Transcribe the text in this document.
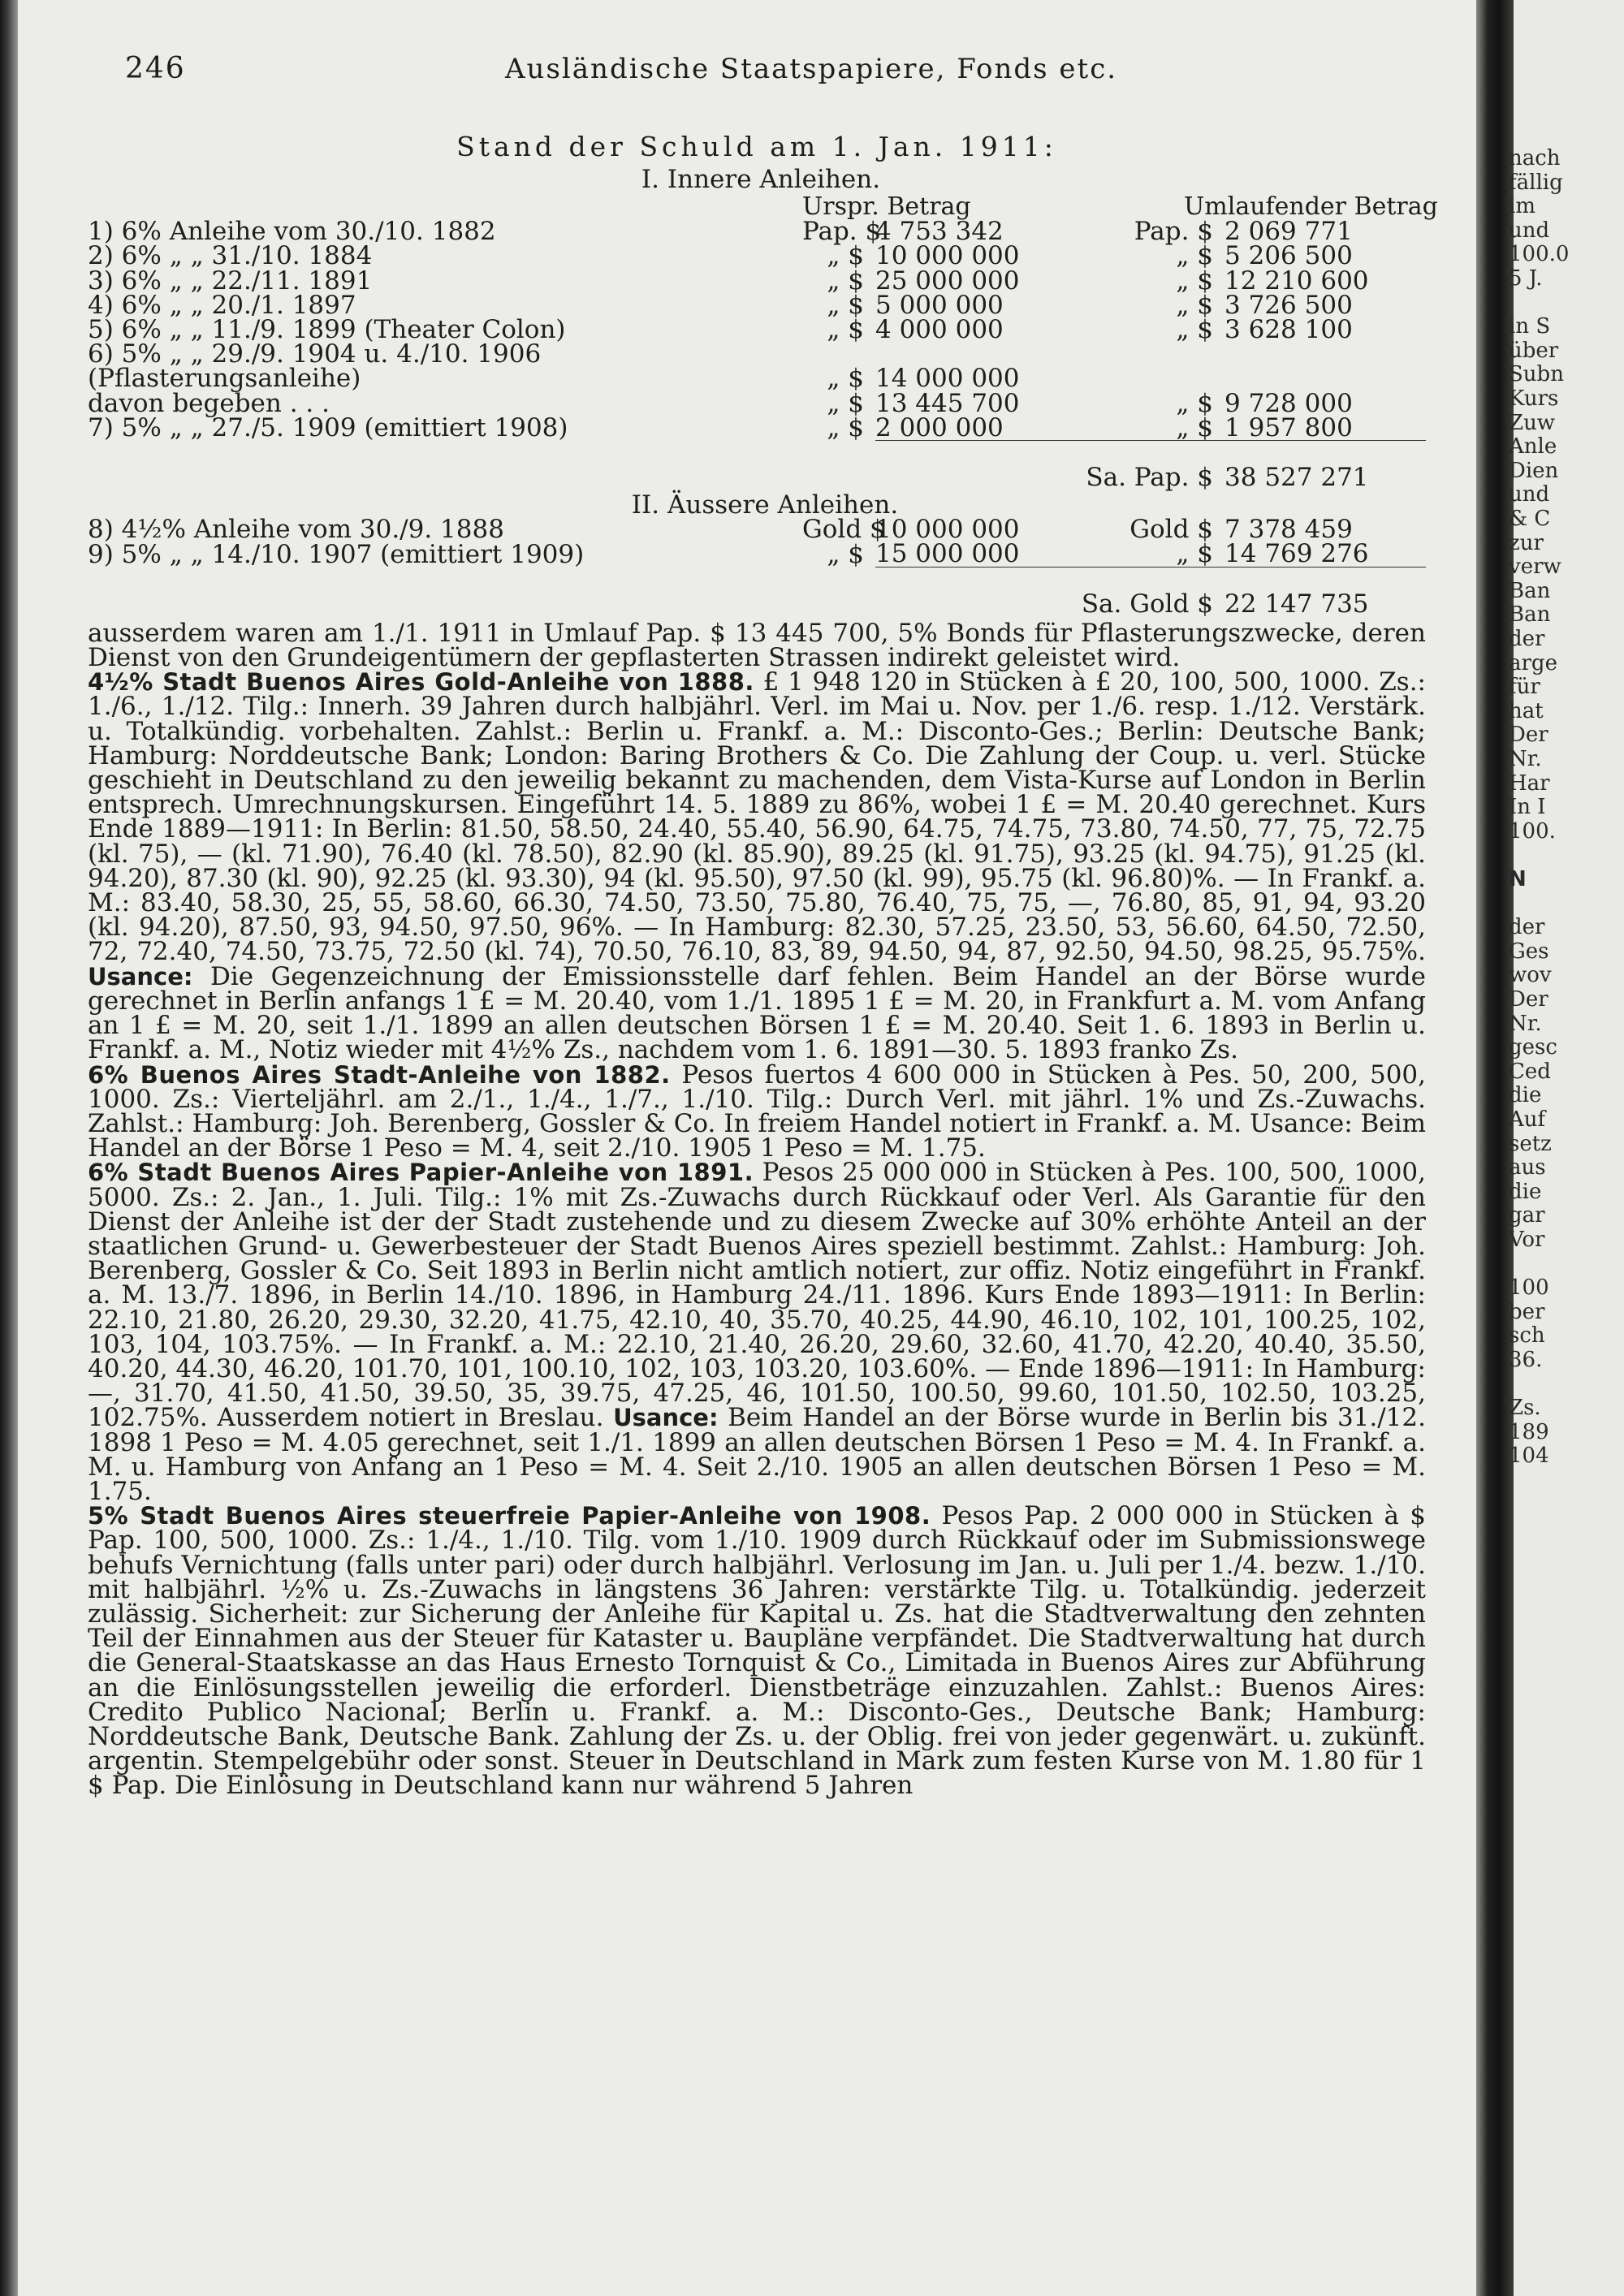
246	Ausländische Staatspapiere, Fonds etc.
Stand der Schuld am 1. Jan. 1911:
I. Innere Anleihen.
	Urspr. Betrag		Umlaufender Betrag	
1) 6% Anleihe vom 30./10. 1882	Pap. $	4 753 342	Pap. $	2 069 771
2) 6% „ „ 31./10. 1884	„ $	10 000 000	„ $	5 206 500
3) 6% „ „ 22./11. 1891	„ $	25 000 000	„ $	12 210 600
4) 6% „ „ 20./1. 1897	„ $	5 000 000	„ $	3 726 500
5) 6% „ „ 11./9. 1899 (Theater Colon)	„ $	4 000 000	„ $	3 628 100
6) 5% „ „ 29./9. 1904 u. 4./10. 1906				
(Pflasterungsanleihe)	„ $	14 000 000		
davon begeben . . .	„ $	13 445 700	„ $	9 728 000
7) 5% „ „ 27./5. 1909 (emittiert 1908)	„ $	2 000 000	„ $	1 957 800

	Sa. Pap. $			38 527 271
II. Äussere Anleihen.				
8) 4½% Anleihe vom 30./9. 1888	Gold $	10 000 000	Gold $	7 378 459
9) 5% „ „ 14./10. 1907 (emittiert 1909)	„ $	15 000 000	„ $	14 769 276

	Sa. Gold $			22 147 735

ausserdem waren am 1./1. 1911 in Umlauf Pap. $ 13 445 700, 5% Bonds für Pflasterungszwecke, deren Dienst von den Grundeigentümern der gepflasterten Strassen indirekt geleistet wird.

4½% Stadt Buenos Aires Gold-Anleihe von 1888. £ 1 948 120 in Stücken à £ 20, 100, 500, 1000. Zs.: 1./6., 1./12. Tilg.: Innerh. 39 Jahren durch halbjährl. Verl. im Mai u. Nov. per 1./6. resp. 1./12. Verstärk. u. Totalkündig. vorbehalten. Zahlst.: Berlin u. Frankf. a. M.: Disconto-Ges.; Berlin: Deutsche Bank; Hamburg: Norddeutsche Bank; London: Baring Brothers & Co. Die Zahlung der Coup. u. verl. Stücke geschieht in Deutschland zu den jeweilig bekannt zu machenden, dem Vista-Kurse auf London in Berlin entsprech. Umrechnungskursen. Eingeführt 14. 5. 1889 zu 86%, wobei 1 £ = M. 20.40 gerechnet. Kurs Ende 1889—1911: In Berlin: 81.50, 58.50, 24.40, 55.40, 56.90, 64.75, 74.75, 73.80, 74.50, 77, 75, 72.75 (kl. 75), — (kl. 71.90), 76.40 (kl. 78.50), 82.90 (kl. 85.90), 89.25 (kl. 91.75), 93.25 (kl. 94.75), 91.25 (kl. 94.20), 87.30 (kl. 90), 92.25 (kl. 93.30), 94 (kl. 95.50), 97.50 (kl. 99), 95.75 (kl. 96.80)%. — In Frankf. a. M.: 83.40, 58.30, 25, 55, 58.60, 66.30, 74.50, 73.50, 75.80, 76.40, 75, 75, —, 76.80, 85, 91, 94, 93.20 (kl. 94.20), 87.50, 93, 94.50, 97.50, 96%. — In Hamburg: 82.30, 57.25, 23.50, 53, 56.60, 64.50, 72.50, 72, 72.40, 74.50, 73.75, 72.50 (kl. 74), 70.50, 76.10, 83, 89, 94.50, 94, 87, 92.50, 94.50, 98.25, 95.75%. Usance: Die Gegenzeichnung der Emissionsstelle darf fehlen. Beim Handel an der Börse wurde gerechnet in Berlin anfangs 1 £ = M. 20.40, vom 1./1. 1895 1 £ = M. 20, in Frankfurt a. M. vom Anfang an 1 £ = M. 20, seit 1./1. 1899 an allen deutschen Börsen 1 £ = M. 20.40. Seit 1. 6. 1893 in Berlin u. Frankf. a. M., Notiz wieder mit 4½% Zs., nachdem vom 1. 6. 1891—30. 5. 1893 franko Zs.

6% Buenos Aires Stadt-Anleihe von 1882. Pesos fuertos 4 600 000 in Stücken à Pes. 50, 200, 500, 1000. Zs.: Vierteljährl. am 2./1., 1./4., 1./7., 1./10. Tilg.: Durch Verl. mit jährl. 1% und Zs.-Zuwachs. Zahlst.: Hamburg: Joh. Berenberg, Gossler & Co. In freiem Handel notiert in Frankf. a. M. Usance: Beim Handel an der Börse 1 Peso = M. 4, seit 2./10. 1905 1 Peso = M. 1.75.

6% Stadt Buenos Aires Papier-Anleihe von 1891. Pesos 25 000 000 in Stücken à Pes. 100, 500, 1000, 5000. Zs.: 2. Jan., 1. Juli. Tilg.: 1% mit Zs.-Zuwachs durch Rückkauf oder Verl. Als Garantie für den Dienst der Anleihe ist der der Stadt zustehende und zu diesem Zwecke auf 30% erhöhte Anteil an der staatlichen Grund- u. Gewerbesteuer der Stadt Buenos Aires speziell bestimmt. Zahlst.: Hamburg: Joh. Berenberg, Gossler & Co. Seit 1893 in Berlin nicht amtlich notiert, zur offiz. Notiz eingeführt in Frankf. a. M. 13./7. 1896, in Berlin 14./10. 1896, in Hamburg 24./11. 1896. Kurs Ende 1893—1911: In Berlin: 22.10, 21.80, 26.20, 29.30, 32.20, 41.75, 42.10, 40, 35.70, 40.25, 44.90, 46.10, 102, 101, 100.25, 102, 103, 104, 103.75%. — In Frankf. a. M.: 22.10, 21.40, 26.20, 29.60, 32.60, 41.70, 42.20, 40.40, 35.50, 40.20, 44.30, 46.20, 101.70, 101, 100.10, 102, 103, 103.20, 103.60%. — Ende 1896—1911: In Hamburg: —, 31.70, 41.50, 41.50, 39.50, 35, 39.75, 47.25, 46, 101.50, 100.50, 99.60, 101.50, 102.50, 103.25, 102.75%. Ausserdem notiert in Breslau. Usance: Beim Handel an der Börse wurde in Berlin bis 31./12. 1898 1 Peso = M. 4.05 gerechnet, seit 1./1. 1899 an allen deutschen Börsen 1 Peso = M. 4. In Frankf. a. M. u. Hamburg von Anfang an 1 Peso = M. 4. Seit 2./10. 1905 an allen deutschen Börsen 1 Peso = M. 1.75.

5% Stadt Buenos Aires steuerfreie Papier-Anleihe von 1908. Pesos Pap. 2 000 000 in Stücken à $ Pap. 100, 500, 1000. Zs.: 1./4., 1./10. Tilg. vom 1./10. 1909 durch Rückkauf oder im Submissionswege behufs Vernichtung (falls unter pari) oder durch halbjährl. Verlosung im Jan. u. Juli per 1./4. bezw. 1./10. mit halbjährl. ½% u. Zs.-Zuwachs in längstens 36 Jahren: verstärkte Tilg. u. Totalkündig. jederzeit zulässig. Sicherheit: zur Sicherung der Anleihe für Kapital u. Zs. hat die Stadtverwaltung den zehnten Teil der Einnahmen aus der Steuer für Kataster u. Baupläne verpfändet. Die Stadtverwaltung hat durch die General-Staatskasse an das Haus Ernesto Tornquist & Co., Limitada in Buenos Aires zur Abführung an die Einlösungsstellen jeweilig die erforderl. Dienstbeträge einzuzahlen. Zahlst.: Buenos Aires: Credito Publico Nacional; Berlin u. Frankf. a. M.: Disconto-Ges., Deutsche Bank; Hamburg: Norddeutsche Bank, Deutsche Bank. Zahlung der Zs. u. der Oblig. frei von jeder gegenwärt. u. zukünft. argentin. Stempelgebühr oder sonst. Steuer in Deutschland in Mark zum festen Kurse von M. 1.80 für 1 $ Pap. Die Einlösung in Deutschland kann nur während 5 Jahren

nach
fällig
im
und
100.0
5 J.
in S
über
Subn
Kurs
Zuw
Anle
Dien
und
& C
zur
verw
Ban
Ban
der
arge
für
hat
Der
Nr.
Har
In I
100.
N
der
Ges
wov
Der
Nr.
gesc
Ced
die
Auf
setz
aus
die
gar
Vor
100
ber
sch
36.
Zs.
189
104
